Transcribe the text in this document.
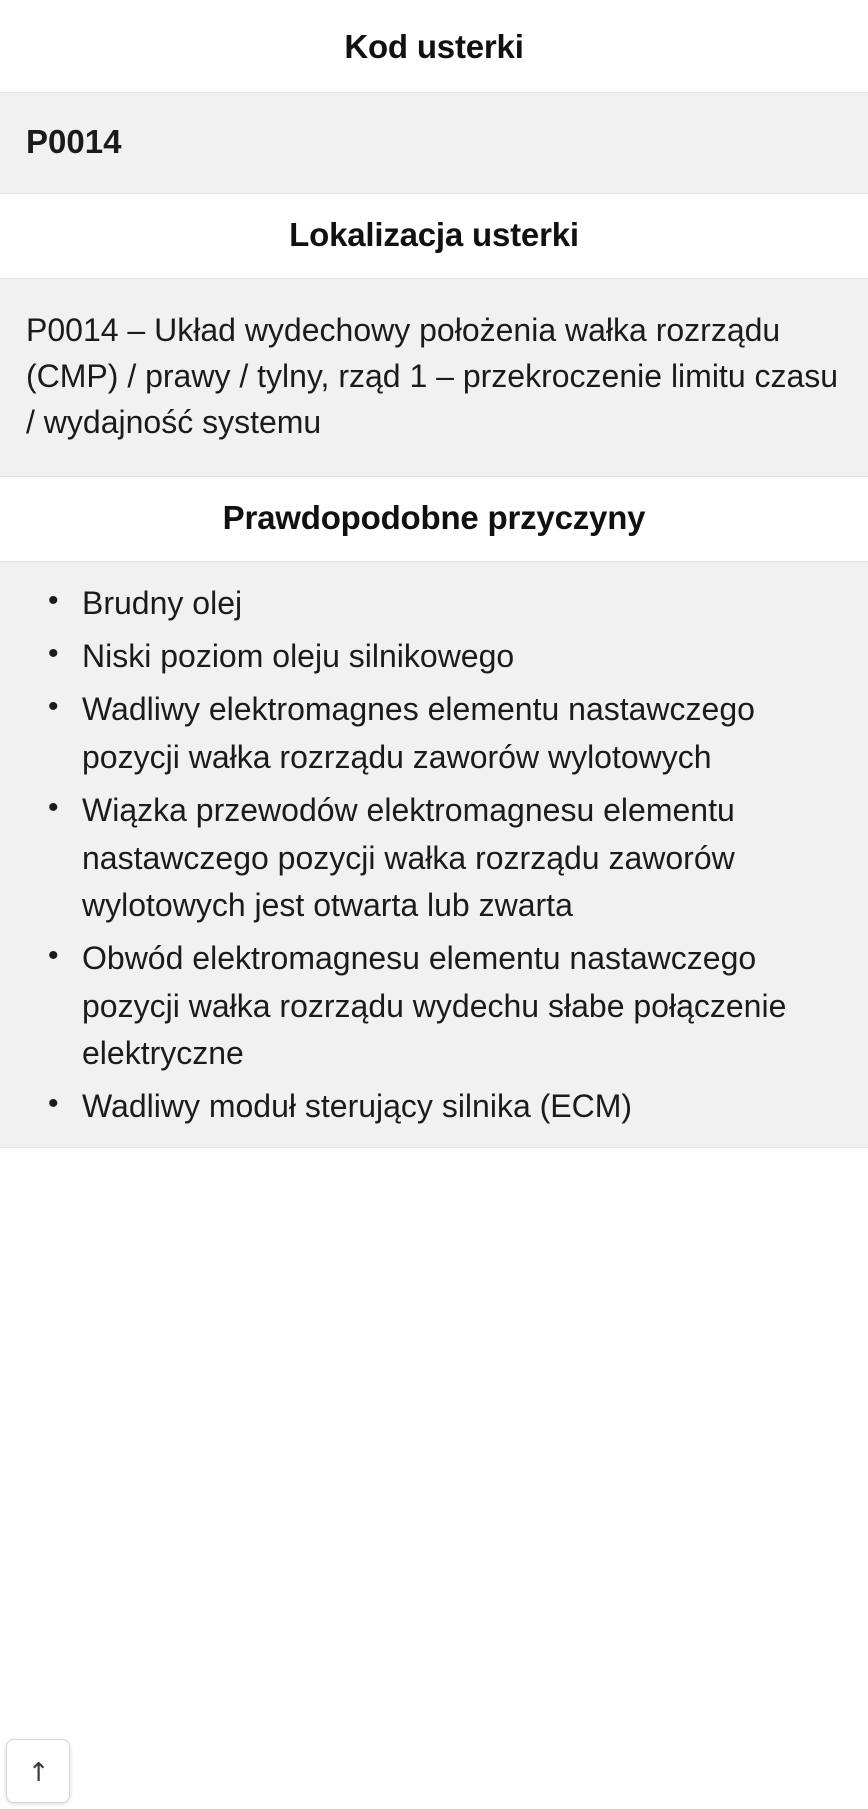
Kod usterki
P0014
Lokalizacja usterki
P0014 – Układ wydechowy położenia wałka rozrządu (CMP) / prawy / tylny, rząd 1 – przekroczenie limitu czasu / wydajność systemu
Prawdopodobne przyczyny
• Brudny olej
• Niski poziom oleju silnikowego
• Wadliwy elektromagnes elementu nastawczego pozycji wałka rozrządu zaworów wylotowych
• Wiązka przewodów elektromagnesu elementu nastawczego pozycji wałka rozrządu zaworów wylotowych jest otwarta lub zwarta
• Obwód elektromagnesu elementu nastawczego pozycji wałka rozrządu wydechu słabe połączenie elektryczne
• Wadliwy moduł sterujący silnika (ECM)
↗
